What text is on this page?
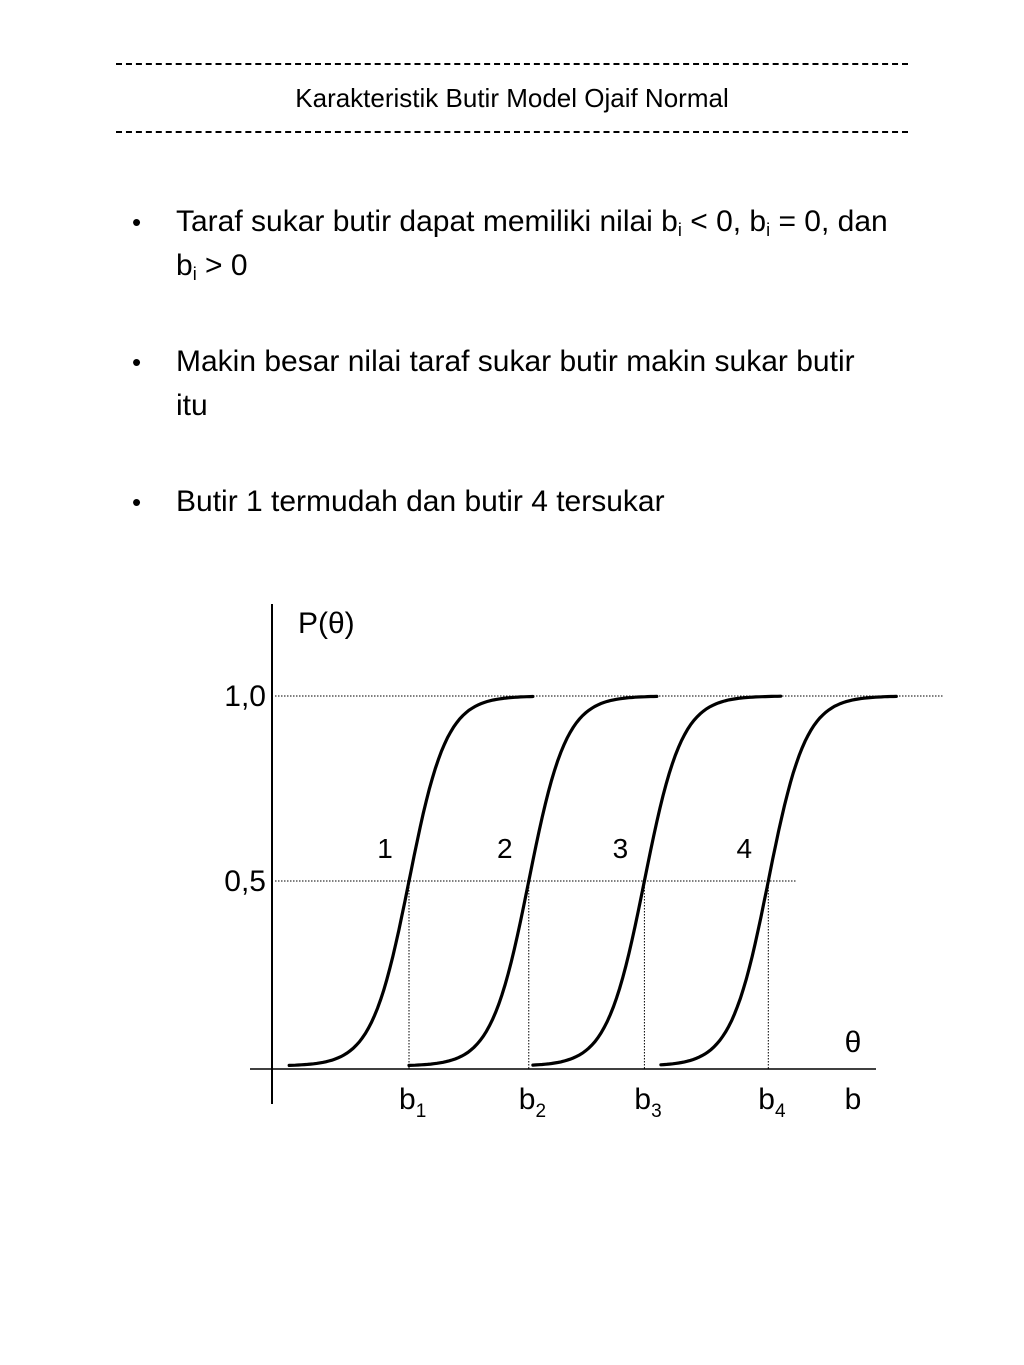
Karakteristik Butir Model Ojaif Normal
• Taraf sukar butir dapat memiliki nilai $b_i < 0$, $b_i = 0$, dan $b_i > 0$
• Makin besar nilai taraf sukar butir makin sukar butir itu
• Butir 1 termudah dan butir 4 tersukar
P(θ)
0,5
1,0
$b_1$	$b_2$	$b_3$	$b_4$
θ
b
1	2	3	4
